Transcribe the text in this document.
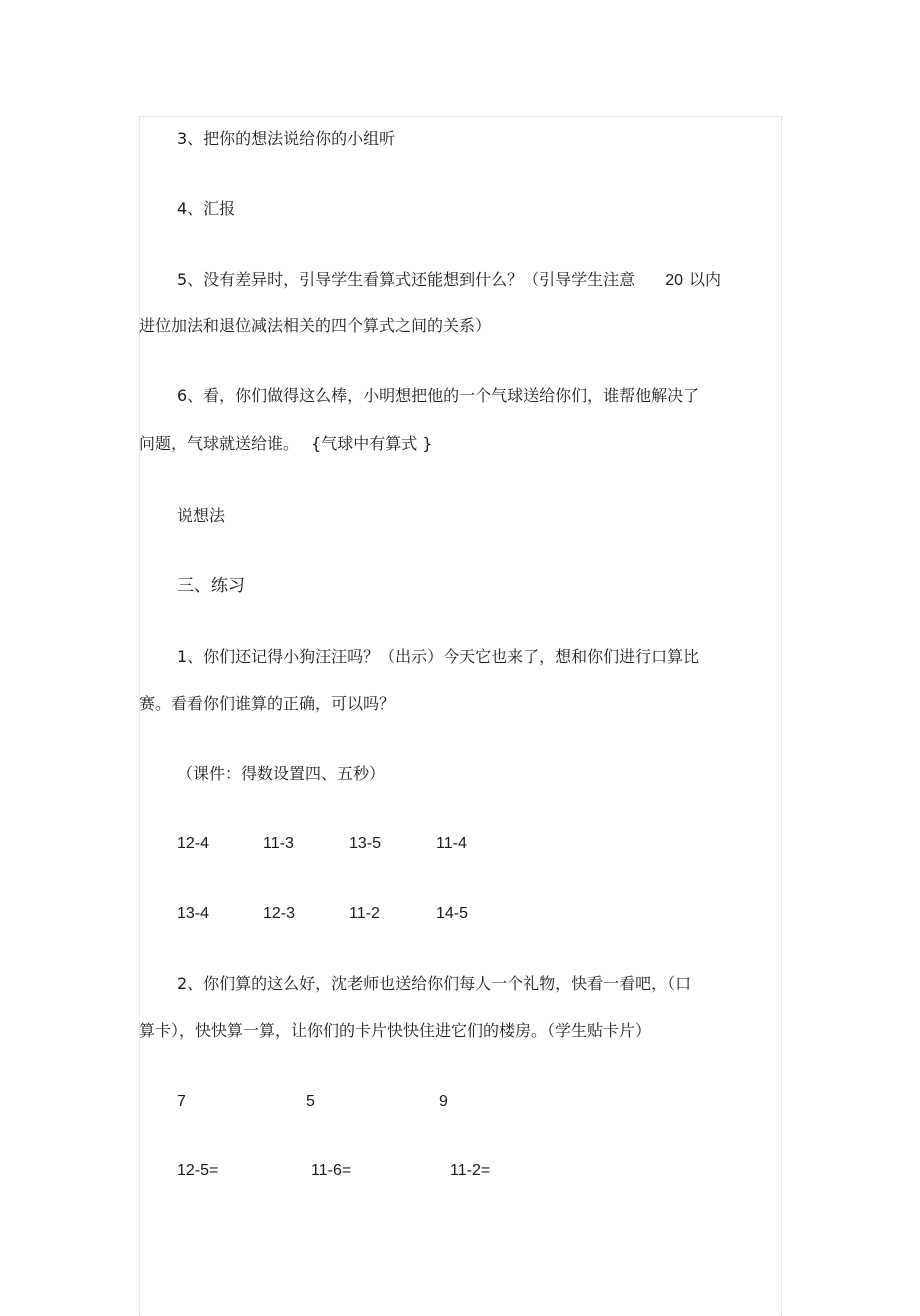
3、把你的想法说给你的小组听
4、汇报
5、没有差异时，引导学生看算式还能想到什么？（引导学生注意 20 以内
进位加法和退位减法相关的四个算式之间的关系）
6、看，你们做得这么棒，小明想把他的一个气球送给你们，谁帮他解决了
问题，气球就送给谁。 {气球中有算式 }
说想法
三、练习
1、你们还记得小狗汪汪吗？（出示）今天它也来了，想和你们进行口算比
赛。看看你们谁算的正确，可以吗？
（课件：得数设置四、五秒）
12-4	11-3	13-5	11-4
13-4	12-3	11-2	14-5
2、你们算的这么好，沈老师也送给你们每人一个礼物，快看一看吧，（口
算卡），快快算一算，让你们的卡片快快住进它们的楼房。（学生贴卡片）
7	5	9
12-5=	11-6=	11-2=
